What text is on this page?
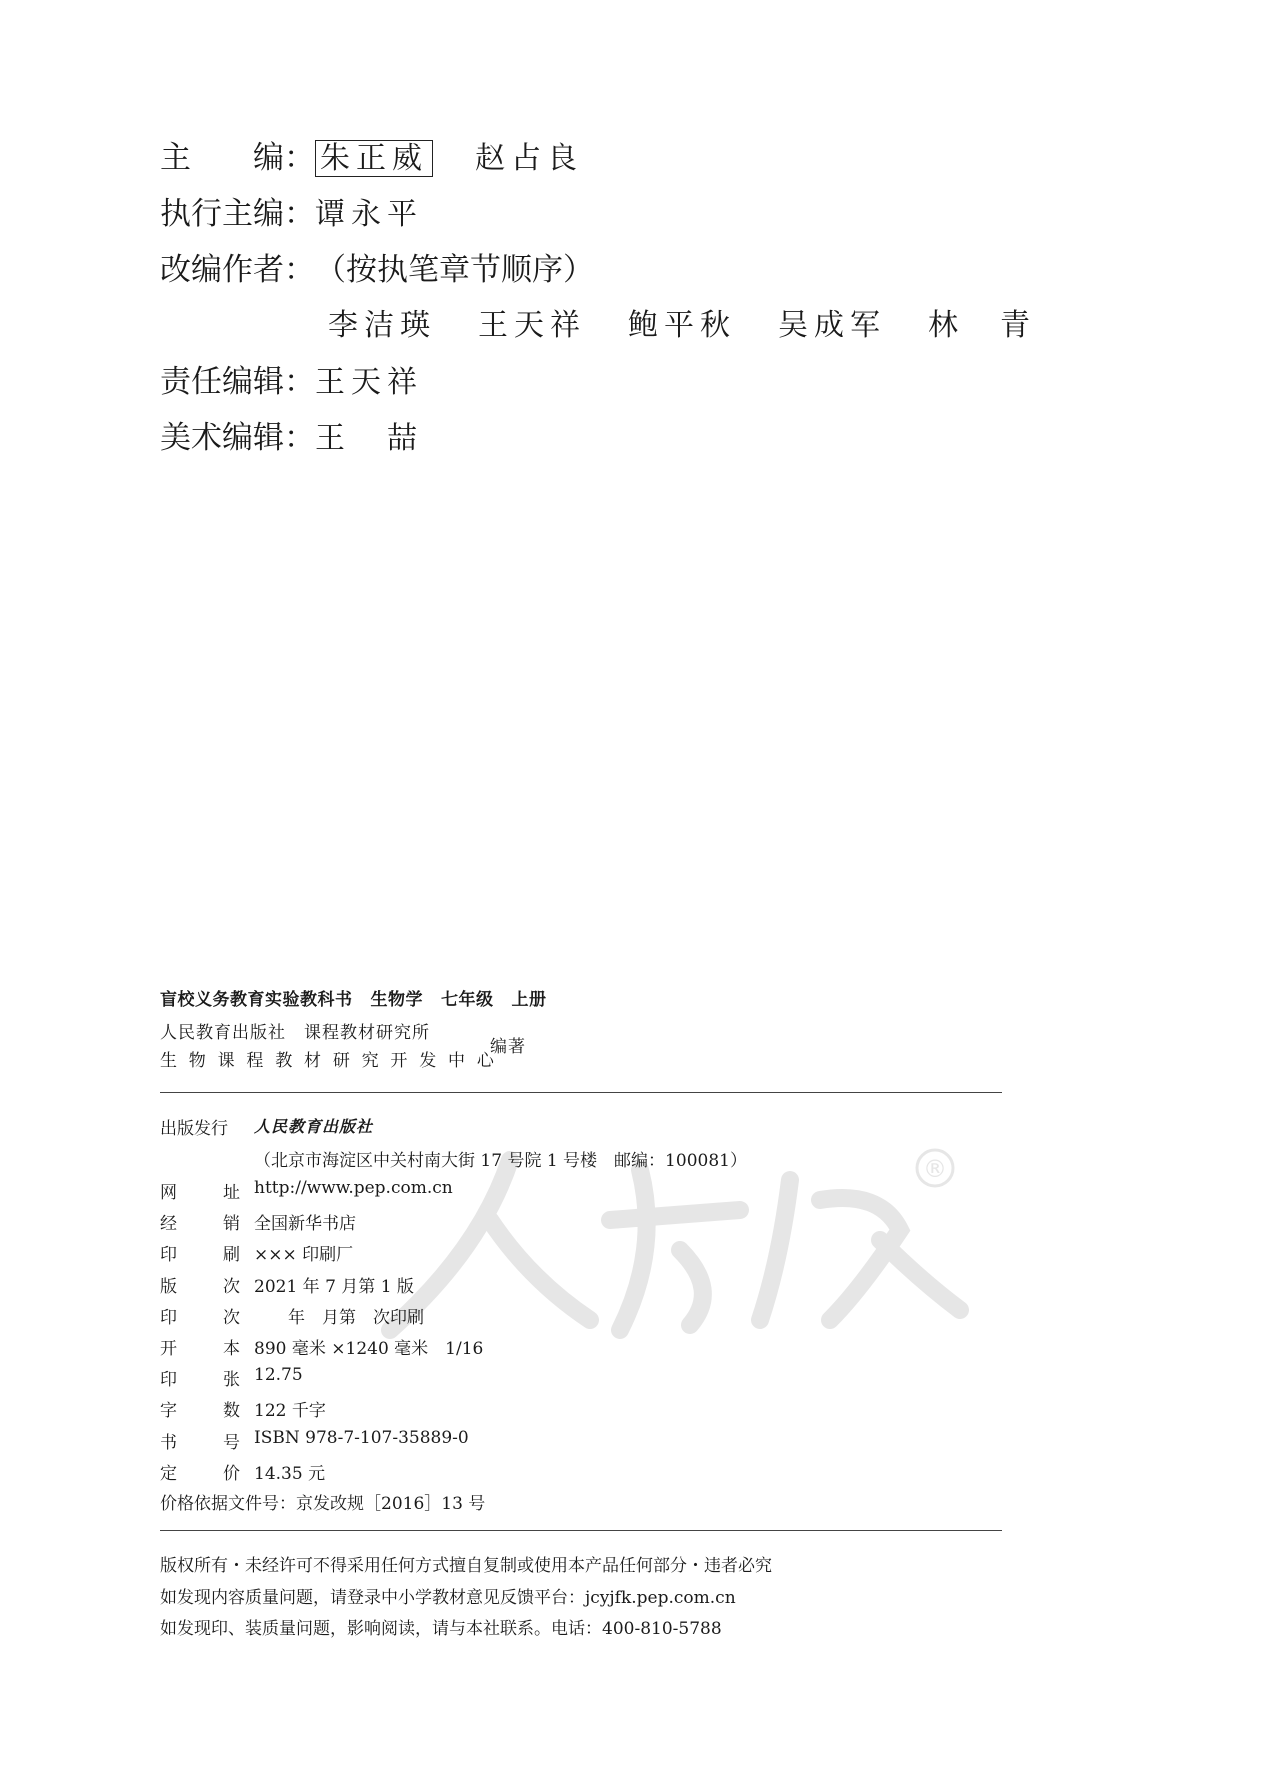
主　　编： 朱正威 赵占良
执行主编：谭永平
改编作者：（按执笔章节顺序）
李洁瑛 王天祥 鲍平秋 吴成军 林　青
责任编辑：王天祥
美术编辑：王　喆
盲校义务教育实验教科书 生物学 七年级 上册
人民教育出版社　课程教材研究所
生 物 课 程 教 材 研 究 开 发 中 心
编著
®
出版发行 人民教育出版社
（北京市海淀区中关村南大街 17 号院 1 号楼　邮编：100081）
网	址 http://www.pep.com.cn
经	销 全国新华书店
印	刷 ××× 印刷厂
版	次 2021 年 7 月第 1 版
印	次 　　年　月第　次印刷
开	本 890 毫米 ×1240 毫米　1/16
印	张 12.75
字	数 122 千字
书	号 ISBN 978-7-107-35889-0
定	价 14.35 元
价格依据文件号：京发改规［2016］13 号
版权所有・未经许可不得采用任何方式擅自复制或使用本产品任何部分・违者必究
如发现内容质量问题，请登录中小学教材意见反馈平台：jcyjfk.pep.com.cn
如发现印、装质量问题，影响阅读，请与本社联系。电话：400-810-5788
